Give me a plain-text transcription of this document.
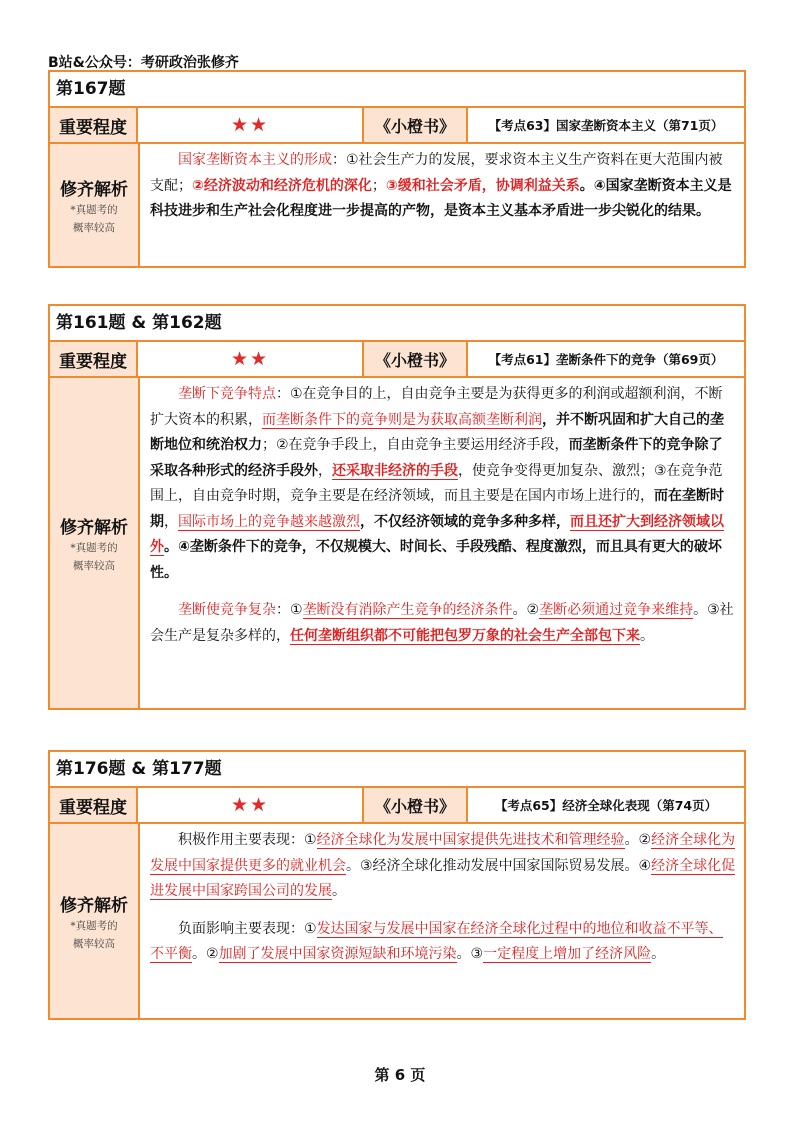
B站&公众号：考研政治张修齐
第167题
重要程度	★★	《小橙书》	【考点63】国家垄断资本主义（第71页）
修齐解析
*真题考的
概率较高

国家垄断资本主义的形成：①社会生产力的发展，要求资本主义生产资料在更大范围内被支配；②经济波动和经济危机的深化；③缓和社会矛盾，协调利益关系。④国家垄断资本主义是科技进步和生产社会化程度进一步提高的产物，是资本主义基本矛盾进一步尖锐化的结果。

第161题 & 第162题
重要程度	★★	《小橙书》	【考点61】垄断条件下的竞争（第69页）
修齐解析
*真题考的
概率较高

垄断下竞争特点：①在竞争目的上，自由竞争主要是为获得更多的利润或超额利润，不断扩大资本的积累，而垄断条件下的竞争则是为获取高额垄断利润，并不断巩固和扩大自己的垄断地位和统治权力；②在竞争手段上，自由竞争主要运用经济手段，而垄断条件下的竞争除了采取各种形式的经济手段外，还采取非经济的手段，使竞争变得更加复杂、激烈；③在竞争范围上，自由竞争时期，竞争主要是在经济领域，而且主要是在国内市场上进行的，而在垄断时期，国际市场上的竞争越来越激烈，不仅经济领域的竞争多种多样，而且还扩大到经济领域以外。④垄断条件下的竞争，不仅规模大、时间长、手段残酷、程度激烈，而且具有更大的破坏性。

垄断使竞争复杂：①垄断没有消除产生竞争的经济条件。②垄断必须通过竞争来维持。③社会生产是复杂多样的，任何垄断组织都不可能把包罗万象的社会生产全部包下来。

第176题 & 第177题
重要程度	★★	《小橙书》	【考点65】经济全球化表现（第74页）
修齐解析
*真题考的
概率较高

积极作用主要表现：①经济全球化为发展中国家提供先进技术和管理经验。②经济全球化为发展中国家提供更多的就业机会。③经济全球化推动发展中国家国际贸易发展。④经济全球化促进发展中国家跨国公司的发展。

负面影响主要表现：①发达国家与发展中国家在经济全球化过程中的地位和收益不平等、不平衡。②加剧了发展中国家资源短缺和环境污染。③一定程度上增加了经济风险。

第 6 页
